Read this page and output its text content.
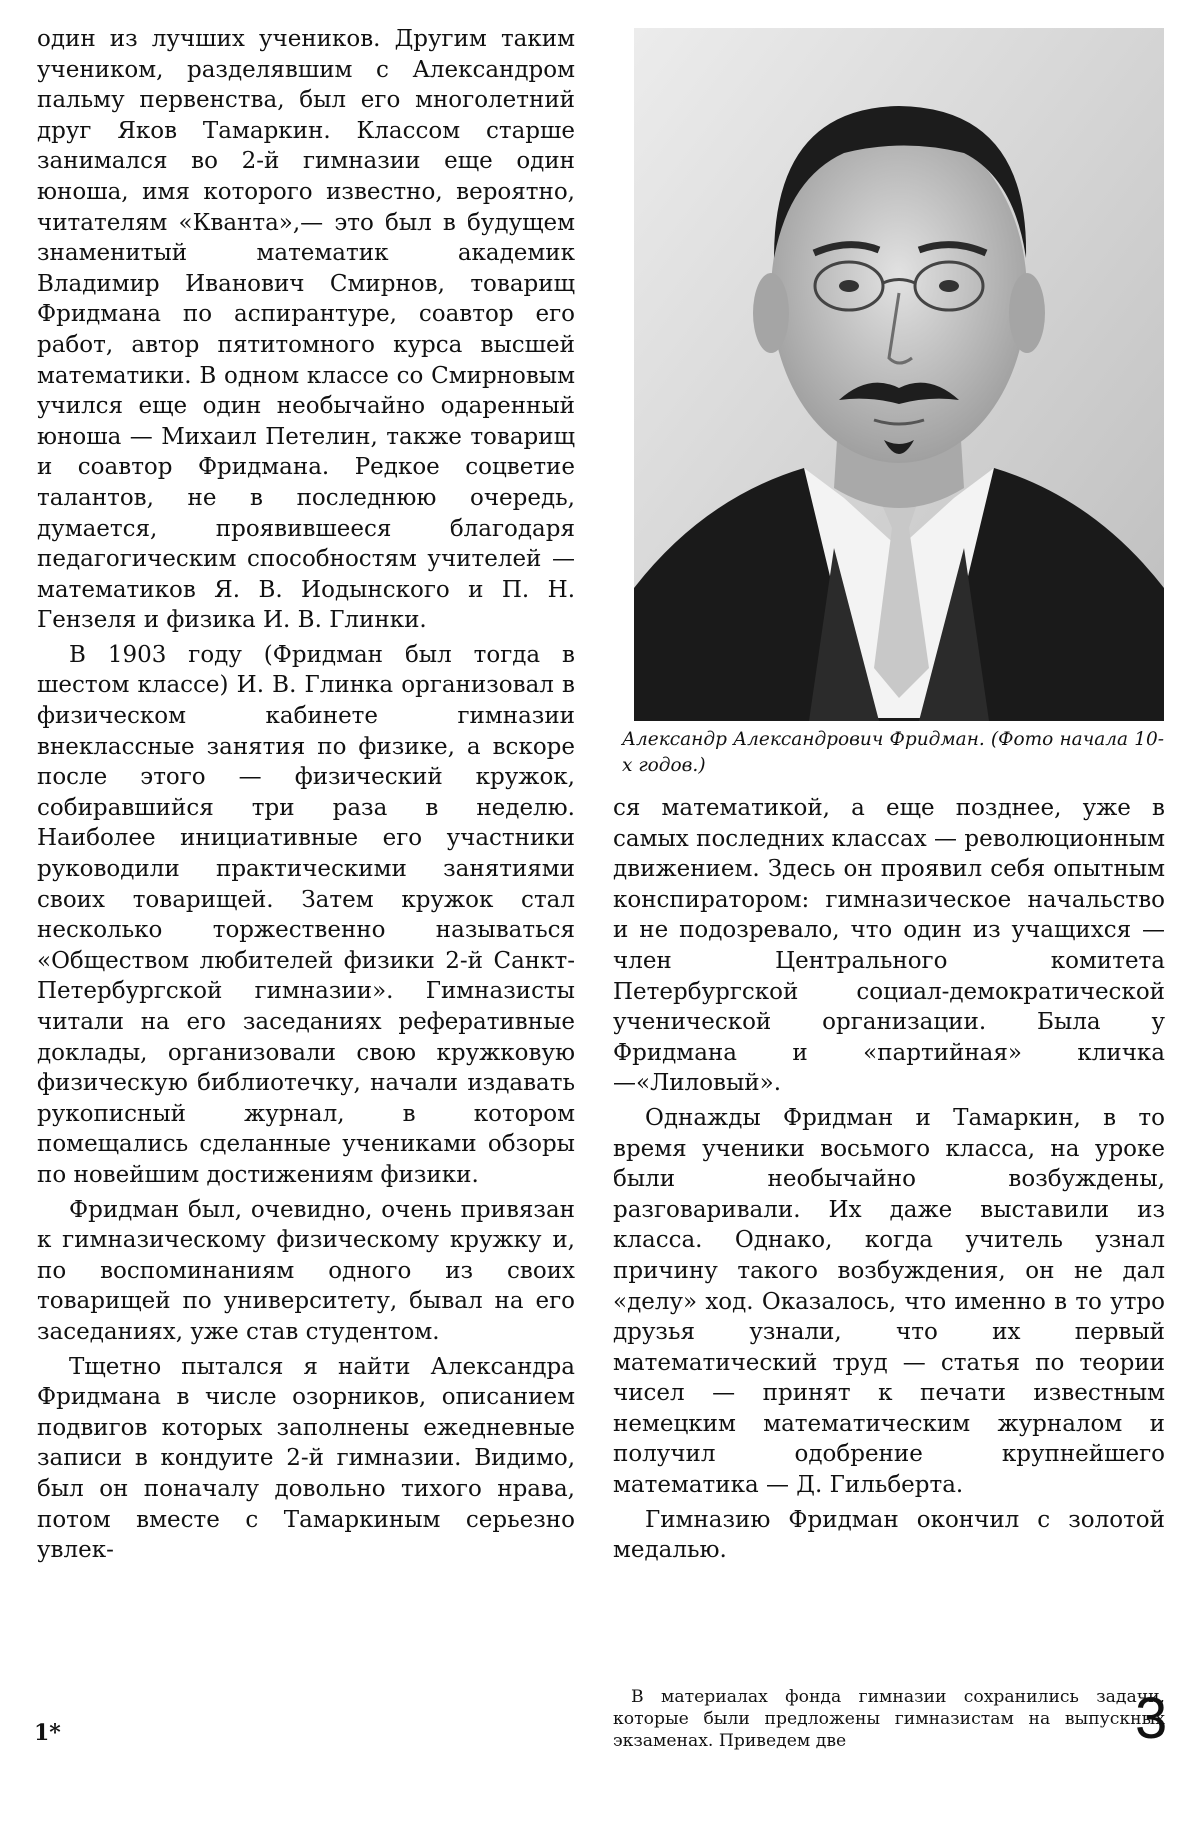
один из лучших учеников. Другим таким учеником, разделявшим с Александром пальму первенства, был его многолетний друг Яков Тамаркин. Классом старше занимался во 2-й гимназии еще один юноша, имя которого известно, вероятно, читателям «Кванта»,— это был в будущем знаменитый математик академик Владимир Иванович Смирнов, товарищ Фридмана по аспирантуре, соавтор его работ, автор пятитомного курса высшей математики. В одном классе со Смирновым учился еще один необычайно одаренный юноша — Михаил Петелин, также товарищ и соавтор Фридмана. Редкое соцветие талантов, не в последнюю очередь, думается, проявившееся благодаря педагогическим способностям учителей — математиков Я. В. Иодынского и П. Н. Гензеля и физика И. В. Глинки.

В 1903 году (Фридман был тогда в шестом классе) И. В. Глинка организовал в физическом кабинете гимназии внеклассные занятия по физике, а вскоре после этого — физический кружок, собиравшийся три раза в неделю. Наиболее инициативные его участники руководили практическими занятиями своих товарищей. Затем кружок стал несколько торжественно называться «Обществом любителей физики 2-й Санкт-Петербургской гимназии». Гимназисты читали на его заседаниях реферативные доклады, организовали свою кружковую физическую библиотечку, начали издавать рукописный журнал, в котором помещались сделанные учениками обзоры по новейшим достижениям физики.

Фридман был, очевидно, очень привязан к гимназическому физическому кружку и, по воспоминаниям одного из своих товарищей по университету, бывал на его заседаниях, уже став студентом.

Тщетно пытался я найти Александра Фридмана в числе озорников, описанием подвигов которых заполнены ежедневные записи в кондуите 2-й гимназии. Видимо, был он поначалу довольно тихого нрава, потом вместе с Тамаркиным серьезно увлек-

Александр Александрович Фридман. (Фото начала 10-х годов.)

ся математикой, а еще позднее, уже в самых последних классах — революционным движением. Здесь он проявил себя опытным конспиратором: гимназическое начальство и не подозревало, что один из учащихся — член Центрального комитета Петербургской социал-демократической ученической организации. Была у Фридмана и «партийная» кличка —«Лиловый».

Однажды Фридман и Тамаркин, в то время ученики восьмого класса, на уроке были необычайно возбуждены, разговаривали. Их даже выставили из класса. Однако, когда учитель узнал причину такого возбуждения, он не дал «делу» ход. Оказалось, что именно в то утро друзья узнали, что их первый математический труд — статья по теории чисел — принят к печати известным немецким математическим журналом и получил одобрение крупнейшего математика — Д. Гильберта.

Гимназию Фридман окончил с золотой медалью.

В материалах фонда гимназии сохранились задачи, которые были предложены гимназистам на выпускных экзаменах. Приведем две

1*	3
